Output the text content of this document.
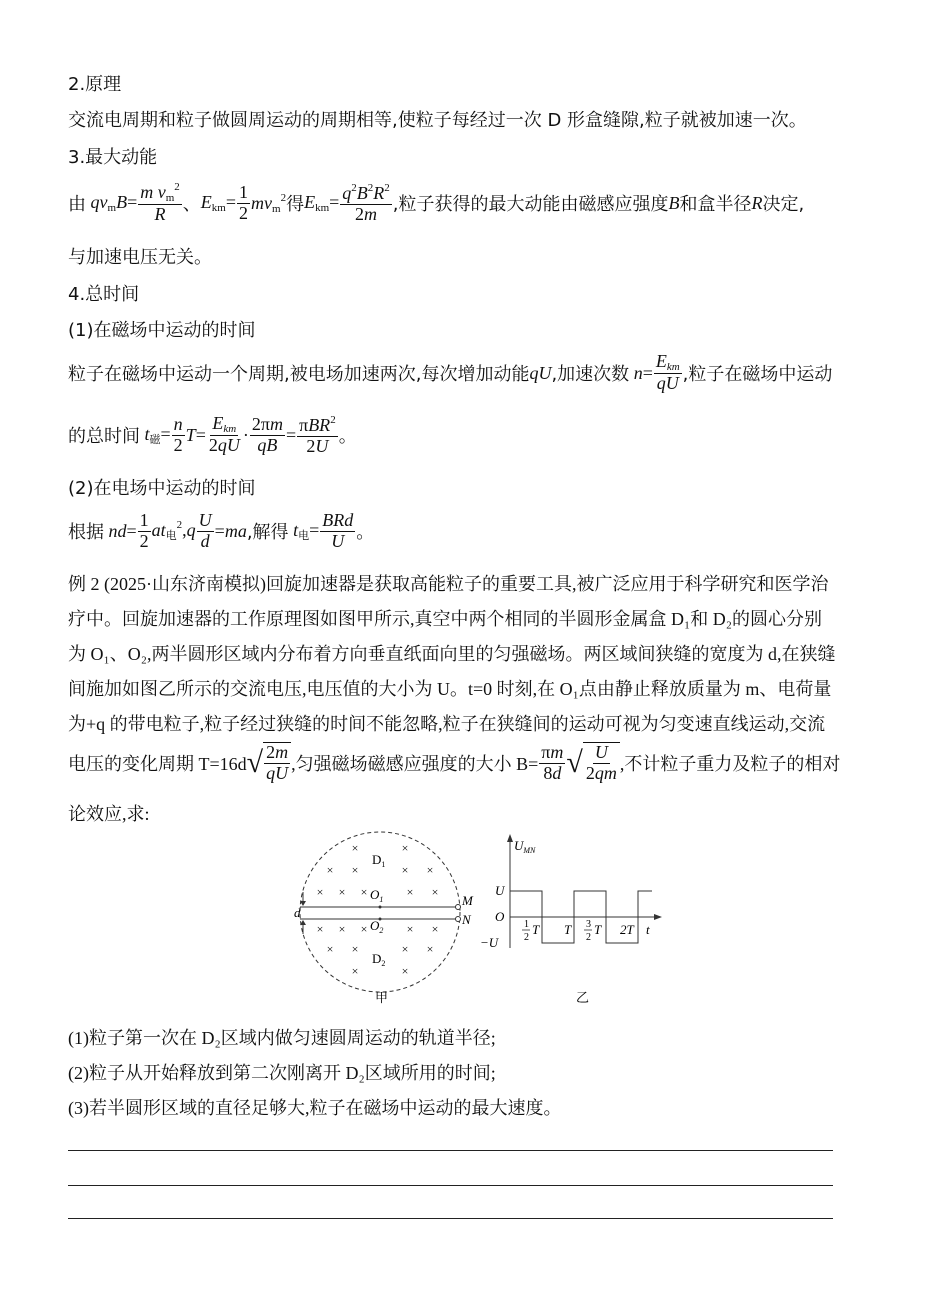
2.原理
交流电周期和粒子做圆周运动的周期相等,使粒子每经过一次 D 形盒缝隙,粒子就被加速一次。
3.最大动能
由 $qv_mB= \frac{m v_m^2}{R}$ 、 $E_{km}= \frac{1}{2} mv_m^2$ 得 $E_{km}= \frac{q^2B^2R^2}{2m}$ ,粒子获得的最大动能由磁感应强度 B 和盒半径 R 决定,
与加速电压无关。
4.总时间
(1)在磁场中运动的时间
粒子在磁场中运动一个周期,被电场加速两次,每次增加动能 qU ,加速次数 $n= \frac{E_{km}}{qU}$ ,粒子在磁场中运动
的总时间 $t_磁= \frac{n}{2} T= \frac{E_{km}}{2qU} \cdot \frac{2\pi m}{qB} = \frac{\pi BR^2}{2U}$ 。
(2)在电场中运动的时间
根据 $nd= \frac{1}{2} at_电^2,q \frac{U}{d} =ma$ ,解得 $t_电= \frac{\text{BRd}}{U}$ 。
例 2 (2025·山东济南模拟)回旋加速器是获取高能粒子的重要工具,被广泛应用于科学研究和医学治
疗中。回旋加速器的工作原理图如图甲所示,真空中两个相同的半圆形金属盒 D₁和 D₂的圆心分别
为 O₁、O₂,两半圆形区域内分布着方向垂直纸面向里的匀强磁场。两区域间狭缝的宽度为 d,在狭缝
间施加如图乙所示的交流电压,电压值的大小为 U。t=0 时刻,在 O₁点由静止释放质量为 m、电荷量
为+q 的带电粒子,粒子经过狭缝的时间不能忽略,粒子在狭缝间的运动可视为匀变速直线运动,交流
电压的变化周期 T=16d √ $\frac{2m}{qU}$ ,匀强磁场磁感应强度的大小 $B= \frac{\pi m}{8d}$ √ $\frac{U}{2qm}$ ,不计粒子重力及粒子的相对
论效应,求:
d
M
N
$D_1$
$D_2$
$O_1$
$O_2$
×	×
× ×	× ×
× × ×	× ×
× × ×	× ×
× ×	× ×
×	×
甲
$U_{MN}$
U
O
−U
1
2
T T 3
2
T 2T t
乙
(1)粒子第一次在 D₂区域内做匀速圆周运动的轨道半径;
(2)粒子从开始释放到第二次刚离开 D₂区域所用的时间;
(3)若半圆形区域的直径足够大,粒子在磁场中运动的最大速度。
